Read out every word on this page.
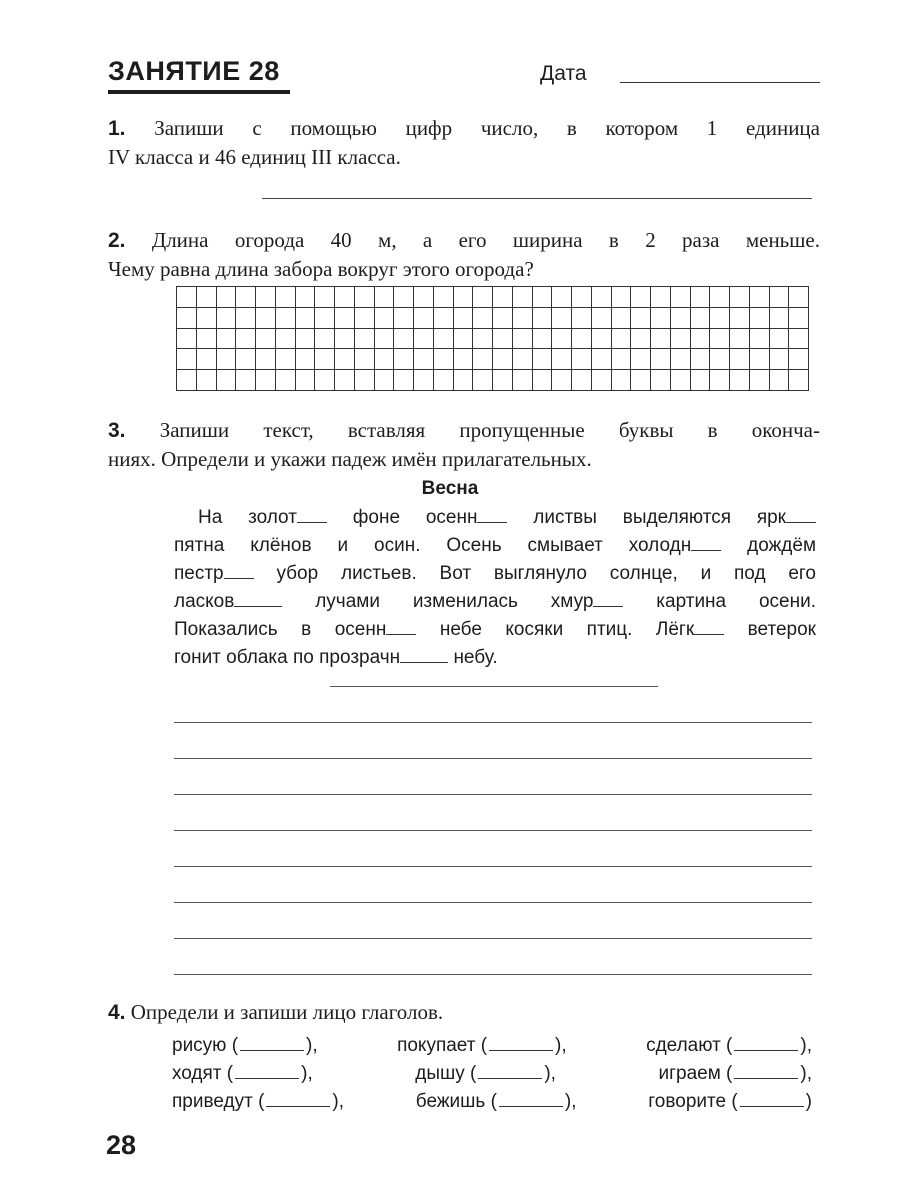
ЗАНЯТИЕ 28	Дата
1. Запиши с помощью цифр число, в котором 1 единица
IV класса и 46 единиц III класса.
2. Длина огорода 40 м, а его ширина в 2 раза меньше.
Чему равна длина забора вокруг этого огорода?
3. Запиши текст, вставляя пропущенные буквы в оконча-
ниях. Определи и укажи падеж имён прилагательных.
Весна
На золот	фоне осенн	листвы выделяются ярк
пятна клёнов и осин. Осень смывает холодн	дождём
пестр	убор листьев. Вот выглянуло солнце, и под его
ласков	лучами изменилась хмур	картина осени.
Показались в осенн	небе косяки птиц. Лёгк	ветерок
гонит облака по прозрачн	небу.
4. Определи и запиши лицо глаголов.
рисую (	),	покупает (	),	сделают (	),
ходят (	),	дышу (	),	играем (	),
приведут (	),	бежишь (	),	говорите (	)
28
